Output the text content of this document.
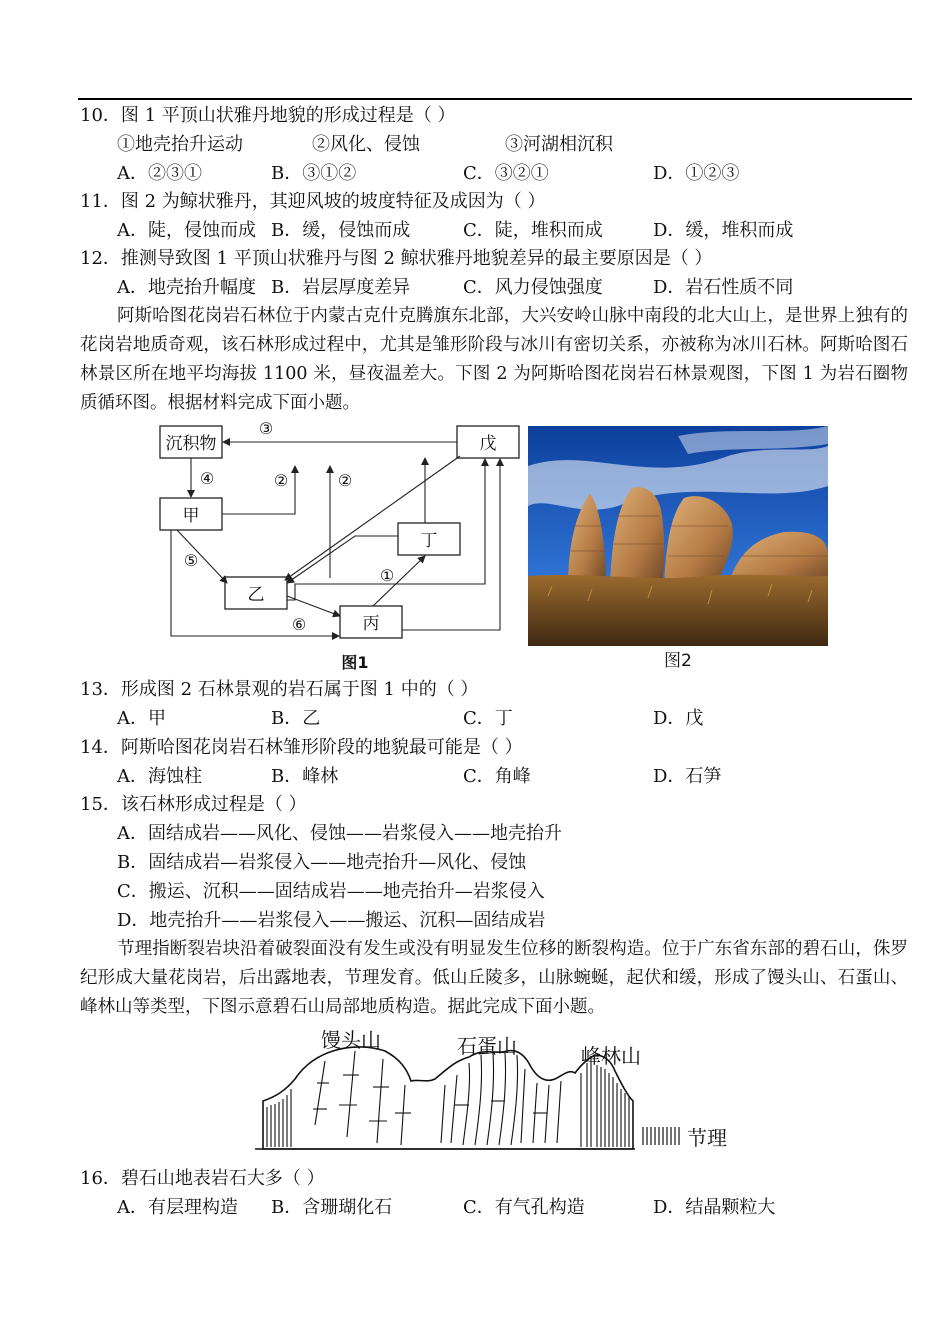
10．图 1 平顶山状雅丹地貌的形成过程是（ ）
①地壳抬升运动	②风化、侵蚀	③河湖相沉积
A．②③①	B．③①②	C．③②①	D．①②③
11．图 2 为鲸状雅丹，其迎风坡的坡度特征及成因为（ ）
A．陡，侵蚀而成 B．缓，侵蚀而成	C．陡，堆积而成	D．缓，堆积而成
12．推测导致图 1 平顶山状雅丹与图 2 鲸状雅丹地貌差异的最主要原因是（ ）
A．地壳抬升幅度 B．岩层厚度差异	C．风力侵蚀强度	D．岩石性质不同
阿斯哈图花岗岩石林位于内蒙古克什克腾旗东北部，大兴安岭山脉中南段的北大山上，是世界上独有的花岗岩地质奇观，该石林形成过程中，尤其是雏形阶段与冰川有密切关系，亦被称为冰川石林。阿斯哈图石林景区所在地平均海拔 1100 米，昼夜温差大。下图 2 为阿斯哈图花岗岩石林景观图，下图 1 为岩石圈物质循环图。根据材料完成下面小题。
沉积物
甲
乙
丙
丁
戊
③
④	②	②
⑤
①
⑥
图1	图2
13．形成图 2 石林景观的岩石属于图 1 中的（ ）
A．甲	B．乙	C．丁	D．戊
14．阿斯哈图花岗岩石林雏形阶段的地貌最可能是（ ）
A．海蚀柱	B．峰林	C．角峰	D．石笋
15．该石林形成过程是（ ）
A．固结成岩——风化、侵蚀——岩浆侵入——地壳抬升
B．固结成岩—岩浆侵入——地壳抬升—风化、侵蚀
C．搬运、沉积——固结成岩——地壳抬升—岩浆侵入
D．地壳抬升——岩浆侵入——搬运、沉积—固结成岩
节理指断裂岩块沿着破裂面没有发生或没有明显发生位移的断裂构造。位于广东省东部的碧石山，侏罗纪形成大量花岗岩，后出露地表，节理发育。低山丘陵多，山脉蜿蜒，起伏和缓，形成了馒头山、石蛋山、峰林山等类型，下图示意碧石山局部地质构造。据此完成下面小题。
馒头山	石蛋山	峰林山
节理
16．碧石山地表岩石大多（ ）
A．有层理构造 B．含珊瑚化石	C．有气孔构造	D．结晶颗粒大
